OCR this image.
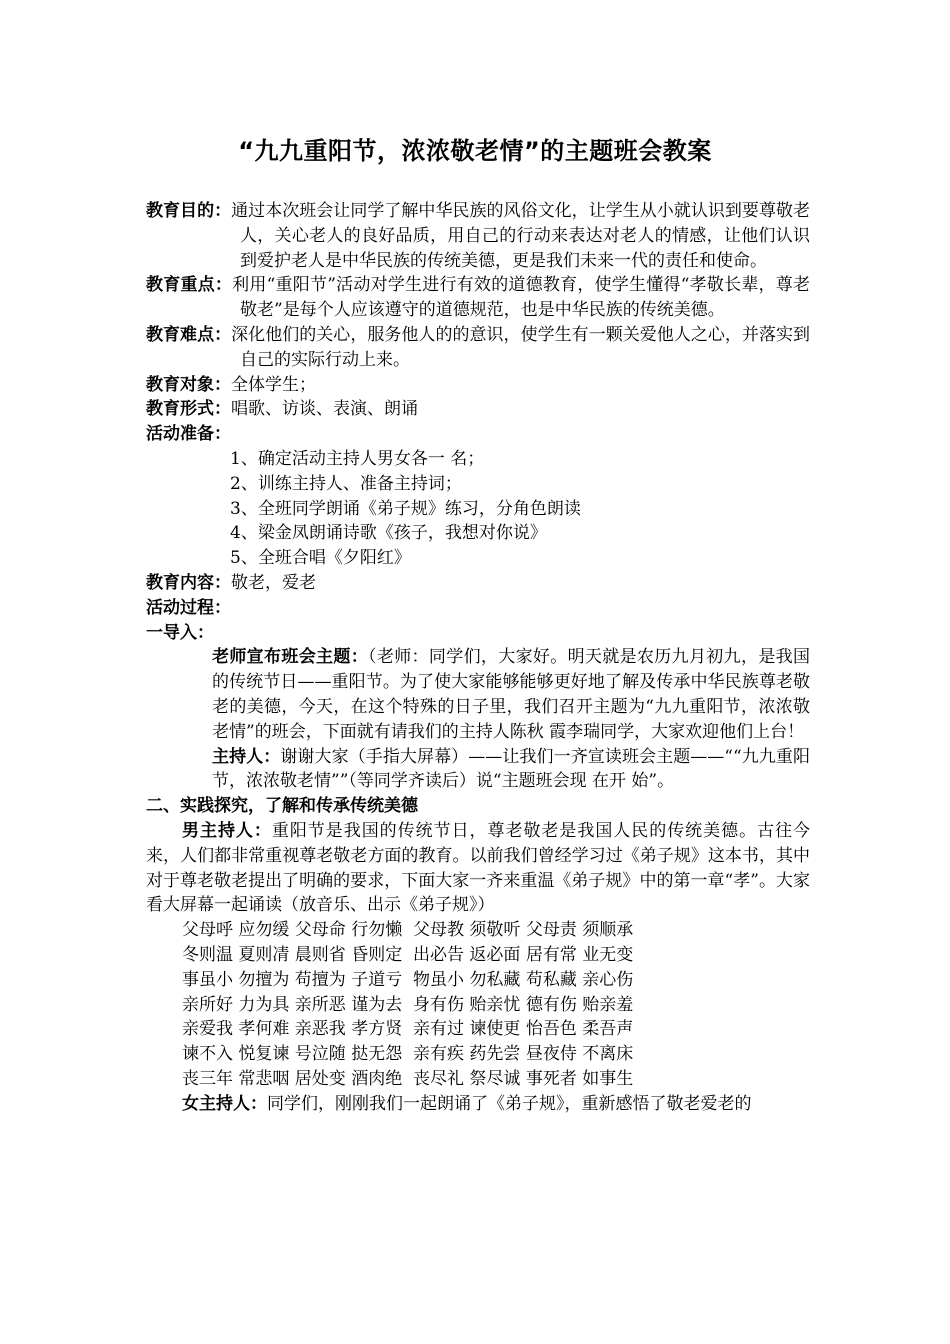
“九九重阳节，浓浓敬老情”的主题班会教案

教育目的：通过本次班会让同学了解中华民族的风俗文化，让学生从小就认识到要尊敬老人，关心老人的良好品质，用自己的行动来表达对老人的情感，让他们认识到爱护老人是中华民族的传统美德，更是我们未来一代的责任和使命。

教育重点：利用“重阳节”活动对学生进行有效的道德教育，使学生懂得“孝敬长辈，尊老敬老”是每个人应该遵守的道德规范，也是中华民族的传统美德。

教育难点：深化他们的关心，服务他人的的意识，使学生有一颗关爱他人之心，并落实到自己的实际行动上来。

教育对象：全体学生；

教育形式：唱歌、访谈、表演、朗诵

活动准备：

1、确定活动主持人男女各一 名；

2、训练主持人、准备主持词；

3、全班同学朗诵《弟子规》练习，分角色朗读

4、梁金凤朗诵诗歌《孩子，我想对你说》

5、全班合唱《夕阳红》

教育内容：敬老，爱老

活动过程：

一导入：

老师宣布班会主题：（老师：同学们，大家好。明天就是农历九月初九，是我国的传统节日——重阳节。为了使大家能够能够更好地了解及传承中华民族尊老敬老的美德，今天，在这个特殊的日子里，我们召开主题为“九九重阳节，浓浓敬老情”的班会，下面就有请我们的主持人陈秋 霞李瑞同学，大家欢迎他们上台！

主持人：谢谢大家（手指大屏幕）——让我们一齐宣读班会主题——““九九重阳节，浓浓敬老情””（等同学齐读后）说“主题班会现 在开 始”。

二、实践探究，了解和传承传统美德

男主持人：重阳节是我国的传统节日，尊老敬老是我国人民的传统美德。古往今来，人们都非常重视尊老敬老方面的教育。以前我们曾经学习过《弟子规》这本书，其中对于尊老敬老提出了明确的要求，下面大家一齐来重温《弟子规》中的第一章“孝”。大家看大屏幕一起诵读（放音乐、出示《弟子规》）

父母呼 应勿缓 父母命 行勿懒  父母教 须敬听 父母责 须顺承

冬则温 夏则凊 晨则省 昏则定  出必告 返必面 居有常 业无变

事虽小 勿擅为 苟擅为 子道亏  物虽小 勿私藏 苟私藏 亲心伤

亲所好 力为具 亲所恶 谨为去  身有伤 贻亲忧 德有伤 贻亲羞

亲爱我 孝何难 亲恶我 孝方贤  亲有过 谏使更 怡吾色 柔吾声

谏不入 悦复谏 号泣随 挞无怨  亲有疾 药先尝 昼夜侍 不离床

丧三年 常悲咽 居处变 酒肉绝  丧尽礼 祭尽诚 事死者 如事生

女主持人：同学们，刚刚我们一起朗诵了《弟子规》，重新感悟了敬老爱老的
